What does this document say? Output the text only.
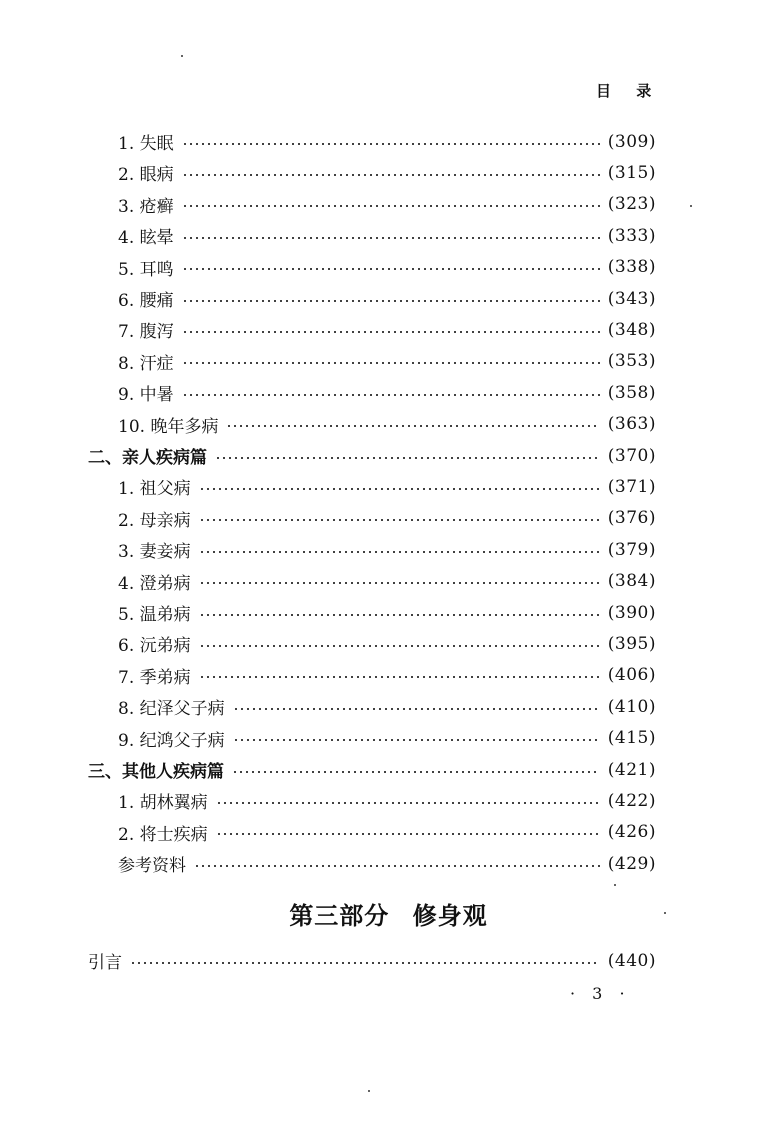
目 录
1. 失眠	(309)
2. 眼病	(315)
3. 疮癣	(323)
4. 眩晕	(333)
5. 耳鸣	(338)
6. 腰痛	(343)
7. 腹泻	(348)
8. 汗症	(353)
9. 中暑	(358)
10. 晚年多病	(363)
二、亲人疾病篇	(370)
1. 祖父病	(371)
2. 母亲病	(376)
3. 妻妾病	(379)
4. 澄弟病	(384)
5. 温弟病	(390)
6. 沅弟病	(395)
7. 季弟病	(406)
8. 纪泽父子病	(410)
9. 纪鸿父子病	(415)
三、其他人疾病篇	(421)
1. 胡林翼病	(422)
2. 将士疾病	(426)
参考资料	(429)
第三部分 修身观
引言	(440)
· 3 ·
